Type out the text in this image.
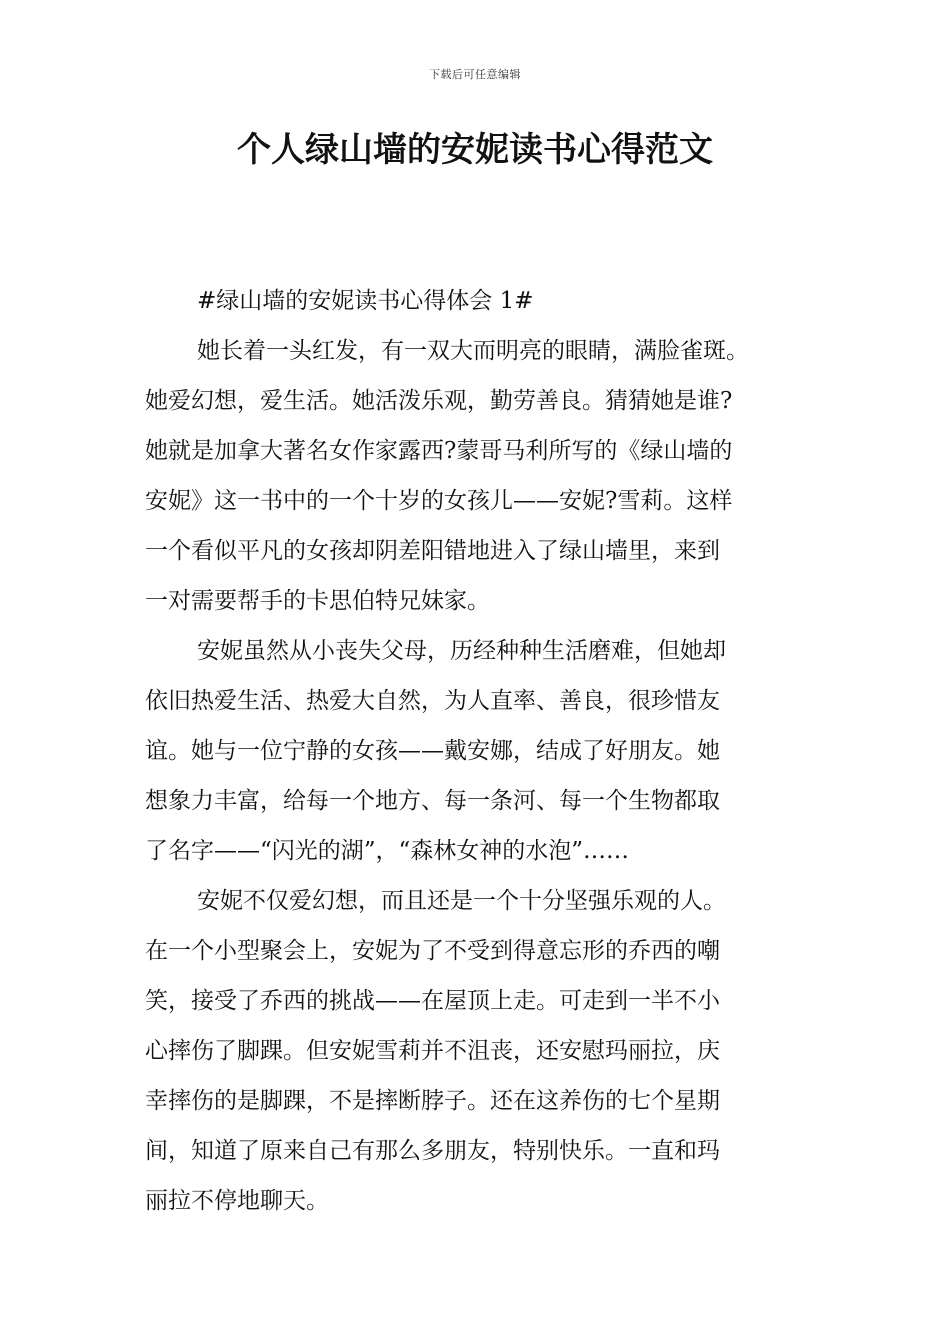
下载后可任意编辑
个人绿山墙的安妮读书心得范文

#绿山墙的安妮读书心得体会 1#

她长着一头红发，有一双大而明亮的眼睛，满脸雀斑。
她爱幻想，爱生活。她活泼乐观，勤劳善良。猜猜她是谁?
她就是加拿大著名女作家露西?蒙哥马利所写的《绿山墙的
安妮》这一书中的一个十岁的女孩儿——安妮?雪莉。这样
一个看似平凡的女孩却阴差阳错地进入了绿山墙里，来到
一对需要帮手的卡思伯特兄妹家。

安妮虽然从小丧失父母，历经种种生活磨难，但她却
依旧热爱生活、热爱大自然，为人直率、善良，很珍惜友
谊。她与一位宁静的女孩——戴安娜，结成了好朋友。她
想象力丰富，给每一个地方、每一条河、每一个生物都取
了名字——“闪光的湖”，“森林女神的水泡”……

安妮不仅爱幻想，而且还是一个十分坚强乐观的人。
在一个小型聚会上，安妮为了不受到得意忘形的乔西的嘲
笑，接受了乔西的挑战——在屋顶上走。可走到一半不小
心摔伤了脚踝。但安妮雪莉并不沮丧，还安慰玛丽拉，庆
幸摔伤的是脚踝，不是摔断脖子。还在这养伤的七个星期
间，知道了原来自己有那么多朋友，特别快乐。一直和玛
丽拉不停地聊天。
